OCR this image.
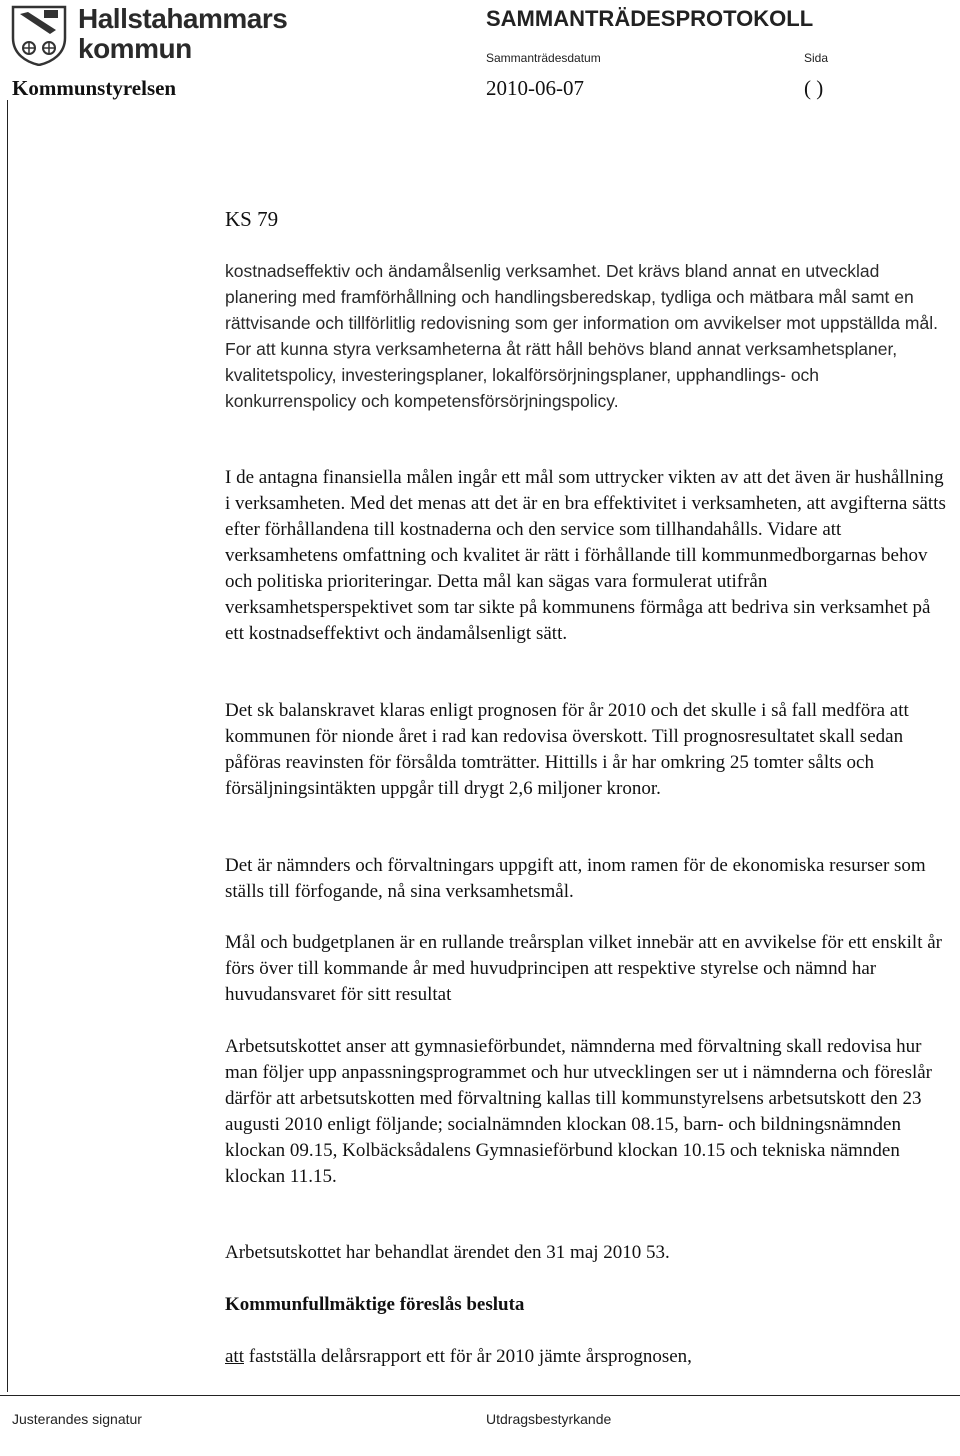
Hallstahammars
kommun
SAMMANTRÄDESPROTOKOLL
Sammanträdesdatum	Sida
Kommunstyrelsen	2010-06-07	( )
KS 79
kostnadseffektiv och ändamålsenlig verksamhet. Det krävs bland annat en utvecklad planering med framförhållning och handlingsberedskap, tydliga och mätbara mål samt en rättvisande och tillförlitlig redovisning som ger information om avvikelser mot uppställda mål. For att kunna styra verksamheterna åt rätt håll behövs bland annat verksamhetsplaner, kvalitetspolicy, investeringsplaner, lokalförsörjningsplaner, upphandlings- och konkurrenspolicy och kompetensförsörjningspolicy.
I de antagna finansiella målen ingår ett mål som uttrycker vikten av att det även är hushållning i verksamheten. Med det menas att det är en bra effektivitet i verksamheten, att avgifterna sätts efter förhållandena till kostnaderna och den service som tillhandahålls. Vidare att verksamhetens omfattning och kvalitet är rätt i förhållande till kommunmedborgarnas behov och politiska prioriteringar. Detta mål kan sägas vara formulerat utifrån verksamhetsperspektivet som tar sikte på kommunens förmåga att bedriva sin verksamhet på ett kostnadseffektivt och ändamålsenligt sätt.
Det sk balanskravet klaras enligt prognosen för år 2010 och det skulle i så fall medföra att kommunen för nionde året i rad kan redovisa överskott. Till prognosresultatet skall sedan påföras reavinsten för försålda tomträtter. Hittills i år har omkring 25 tomter sålts och försäljningsintäkten uppgår till drygt 2,6 miljoner kronor.
Det är nämnders och förvaltningars uppgift att, inom ramen för de ekonomiska resurser som ställs till förfogande, nå sina verksamhetsmål.
Mål och budgetplanen är en rullande treårsplan vilket innebär att en avvikelse för ett enskilt år förs över till kommande år med huvudprincipen att respektive styrelse och nämnd har huvudansvaret för sitt resultat
Arbetsutskottet anser att gymnasieförbundet, nämnderna med förvaltning skall redovisa hur man följer upp anpassningsprogrammet och hur utvecklingen ser ut i nämnderna och föreslår därför att arbetsutskotten med förvaltning kallas till kommunstyrelsens arbetsutskott den 23 augusti 2010 enligt följande; socialnämnden klockan 08.15, barn- och bildningsnämnden klockan 09.15, Kolbäcksådalens Gymnasieförbund klockan 10.15 och tekniska nämnden klockan 11.15.
Arbetsutskottet har behandlat ärendet den 31 maj 2010 53.
Kommunfullmäktige föreslås besluta
att fastställa delårsrapport ett för år 2010 jämte årsprognosen,
Justerandes signatur	Utdragsbestyrkande
